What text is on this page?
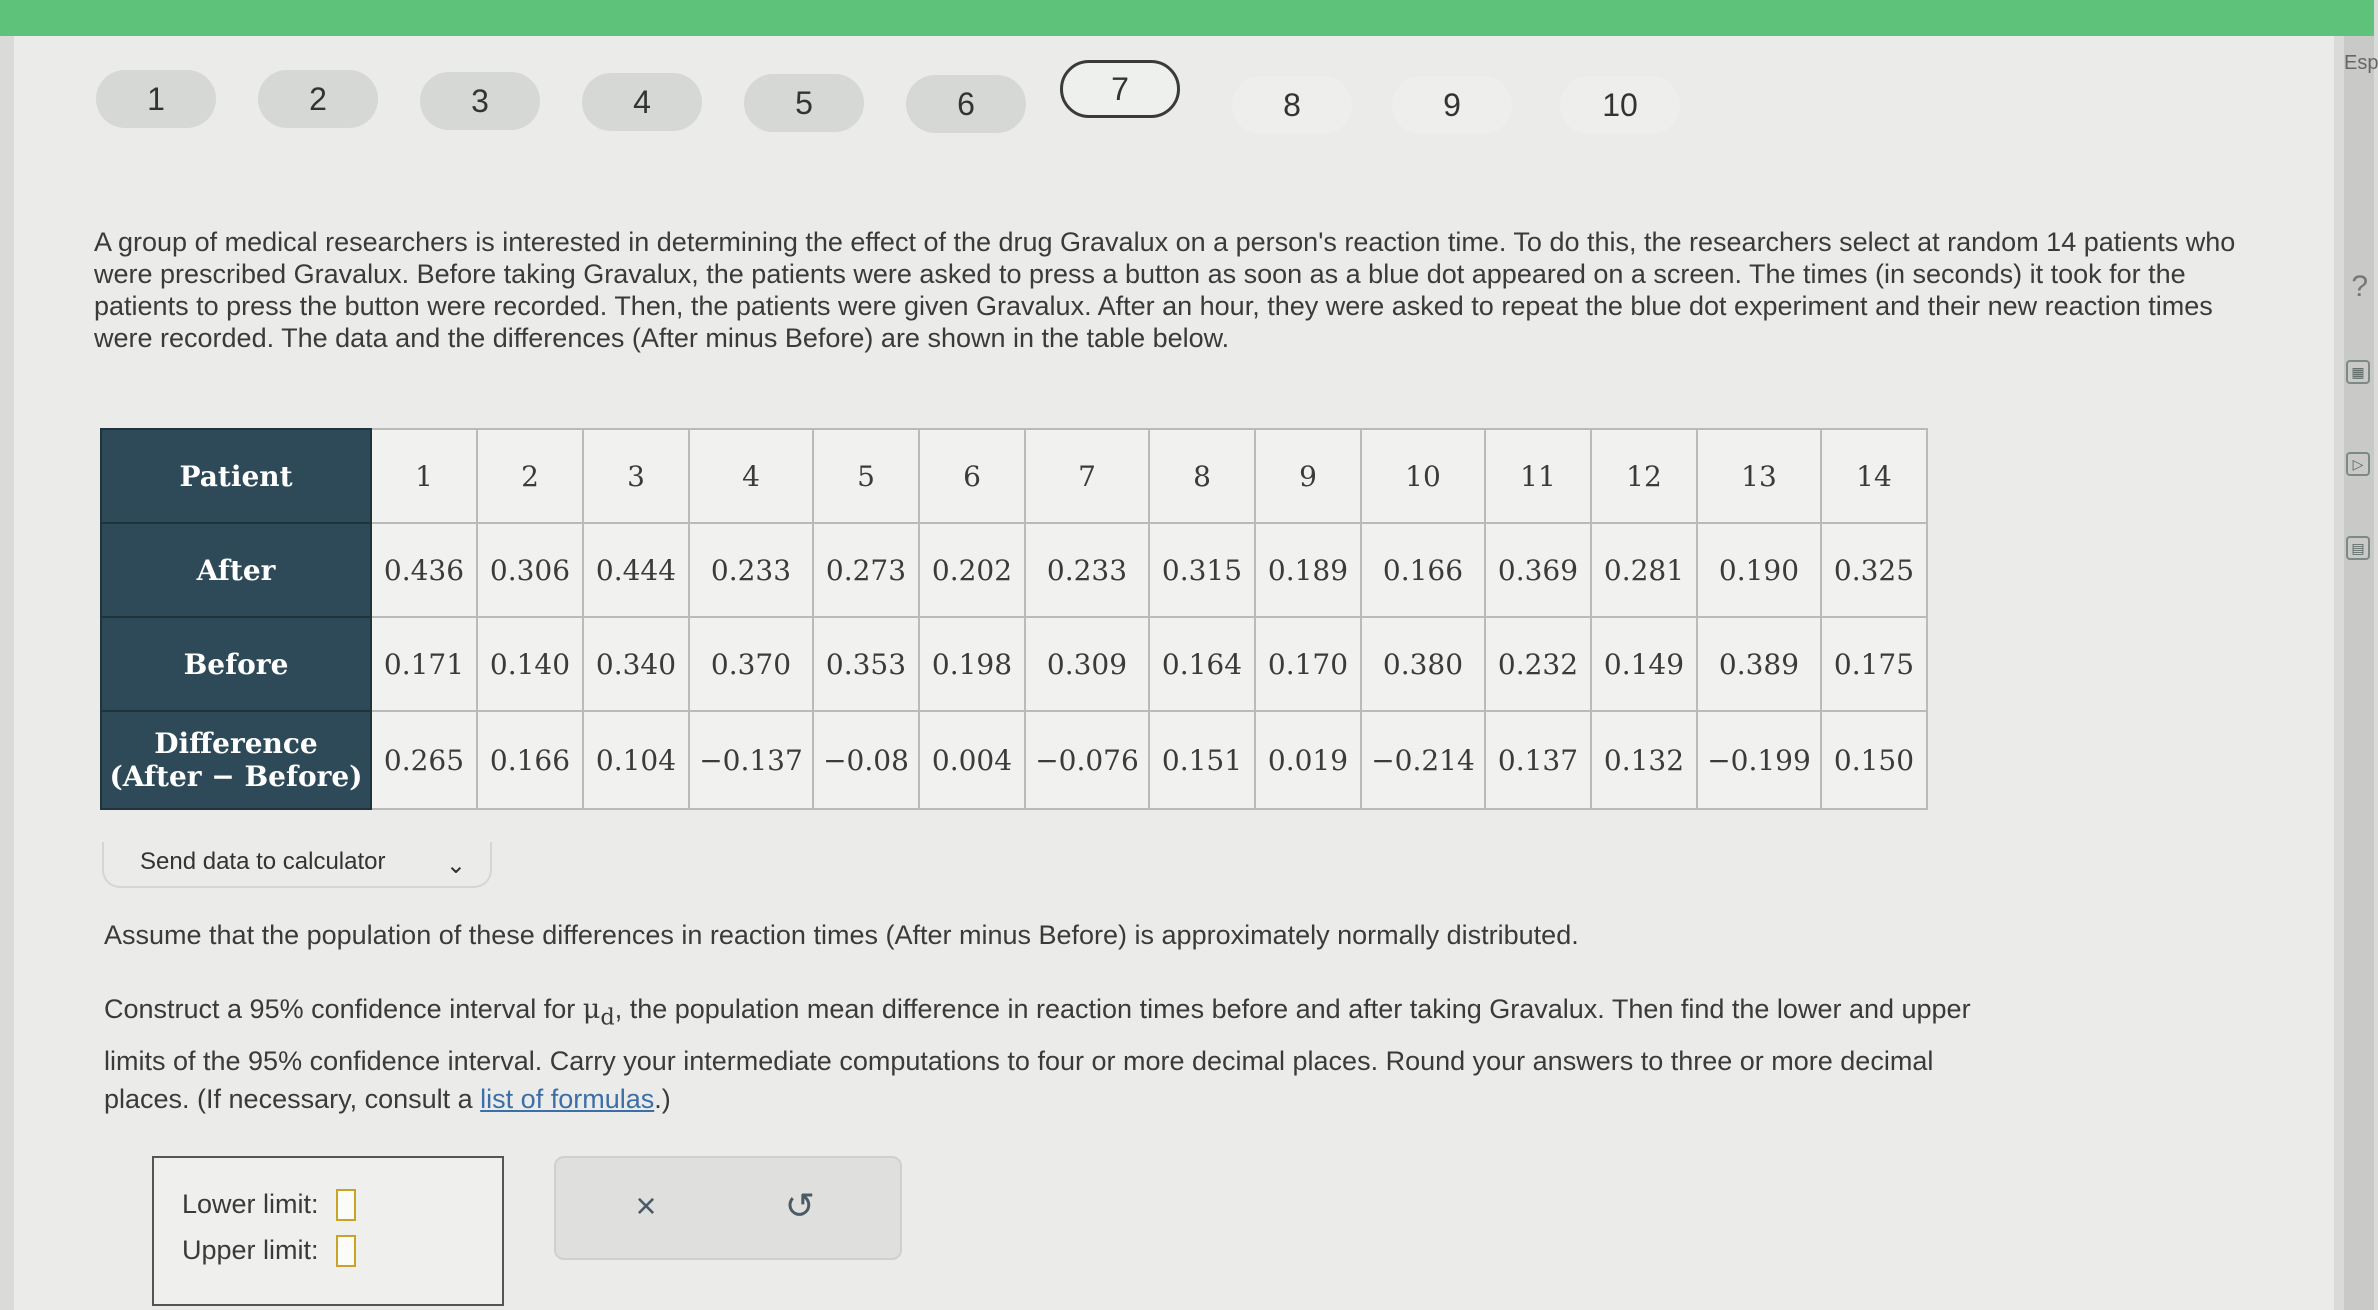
Esp
?
▦
▷
▤
1	2	3	4	5	6	7	8	9	10
A group of medical researchers is interested in determining the effect of the drug Gravalux on a person's reaction time. To do this, the researchers select at random 14 patients who were prescribed Gravalux. Before taking Gravalux, the patients were asked to press a button as soon as a blue dot appeared on a screen. The times (in seconds) it took for the patients to press the button were recorded. Then, the patients were given Gravalux. After an hour, they were asked to repeat the blue dot experiment and their new reaction times were recorded. The data and the differences (After minus Before) are shown in the table below.
Patient	1	2	3	4	5	6	7	8	9	10	11	12	13	14
After	0.436	0.306	0.444	0.233	0.273	0.202	0.233	0.315	0.189	0.166	0.369	0.281	0.190	0.325
Before	0.171	0.140	0.340	0.370	0.353	0.198	0.309	0.164	0.170	0.380	0.232	0.149	0.389	0.175

Difference
(After − Before)	0.265	0.166	0.104	−0.137	−0.08	0.004	−0.076	0.151	0.019	−0.214	0.137	0.132	−0.199	0.150
Send data to calculator	⌄
Assume that the population of these differences in reaction times (After minus Before) is approximately normally distributed.
Construct a 95% confidence interval for $\mu_d$, the population mean difference in reaction times before and after taking Gravalux. Then find the lower and upper
limits of the 95% confidence interval. Carry your intermediate computations to four or more decimal places. Round your answers to three or more decimal
places. (If necessary, consult a list of formulas.)
Lower limit:
Upper limit:
×	↺
